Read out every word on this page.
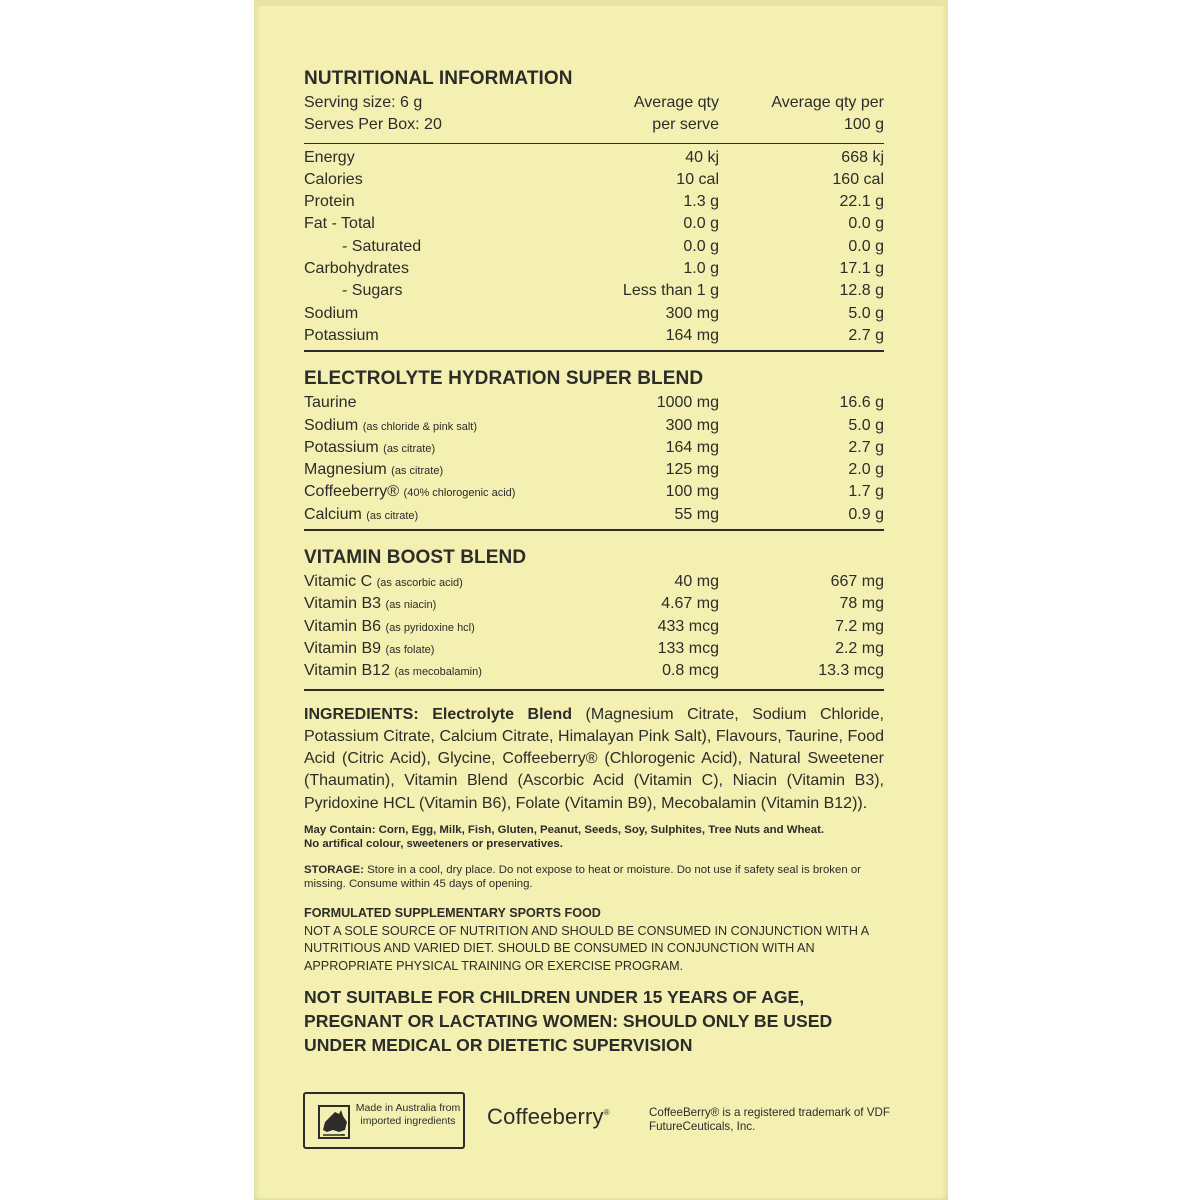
NUTRITIONAL INFORMATION
Serving size: 6 g	Average qty	Average qty per
Serves Per Box: 20	per serve	100 g
Energy	40 kj	668 kj
Calories	10 cal	160 cal
Protein	1.3 g	22.1 g
Fat - Total	0.0 g	0.0 g
- Saturated	0.0 g	0.0 g
Carbohydrates	1.0 g	17.1 g
- Sugars	Less than 1 g	12.8 g
Sodium	300 mg	5.0 g
Potassium	164 mg	2.7 g
ELECTROLYTE HYDRATION SUPER BLEND
Taurine	1000 mg	16.6 g
Sodium (as chloride & pink salt)	300 mg	5.0 g
Potassium (as citrate)	164 mg	2.7 g
Magnesium (as citrate)	125 mg	2.0 g
Coffeeberry® (40% chlorogenic acid)	100 mg	1.7 g
Calcium (as citrate)	55 mg	0.9 g
VITAMIN BOOST BLEND
Vitamic C (as ascorbic acid)	40 mg	667 mg
Vitamin B3 (as niacin)	4.67 mg	78 mg
Vitamin B6 (as pyridoxine hcl)	433 mcg	7.2 mg
Vitamin B9 (as folate)	133 mcg	2.2 mg
Vitamin B12 (as mecobalamin)	0.8 mcg	13.3 mcg
INGREDIENTS: Electrolyte Blend (Magnesium Citrate, Sodium Chloride, Potassium Citrate, Calcium Citrate, Himalayan Pink Salt), Flavours, Taurine, Food Acid (Citric Acid), Glycine, Coffeeberry® (Chlorogenic Acid), Natural Sweetener (Thaumatin), Vitamin Blend (Ascorbic Acid (Vitamin C), Niacin (Vitamin B3), Pyridoxine HCL (Vitamin B6), Folate (Vitamin B9), Mecobalamin (Vitamin B12)).
May Contain: Corn, Egg, Milk, Fish, Gluten, Peanut, Seeds, Soy, Sulphites, Tree Nuts and Wheat.
No artifical colour, sweeteners or preservatives.
STORAGE: Store in a cool, dry place. Do not expose to heat or moisture. Do not use if safety seal is broken or missing. Consume within 45 days of opening.
FORMULATED SUPPLEMENTARY SPORTS FOOD
NOT A SOLE SOURCE OF NUTRITION AND SHOULD BE CONSUMED IN CONJUNCTION WITH A NUTRITIOUS AND VARIED DIET. SHOULD BE CONSUMED IN CONJUNCTION WITH AN APPROPRIATE PHYSICAL TRAINING OR EXERCISE PROGRAM.
NOT SUITABLE FOR CHILDREN UNDER 15 YEARS OF AGE, PREGNANT OR LACTATING WOMEN: SHOULD ONLY BE USED UNDER MEDICAL OR DIETETIC SUPERVISION
Made in Australia from imported ingredients Coffeeberry®	CoffeeBerry® is a registered trademark of VDF FutureCeuticals, Inc.
